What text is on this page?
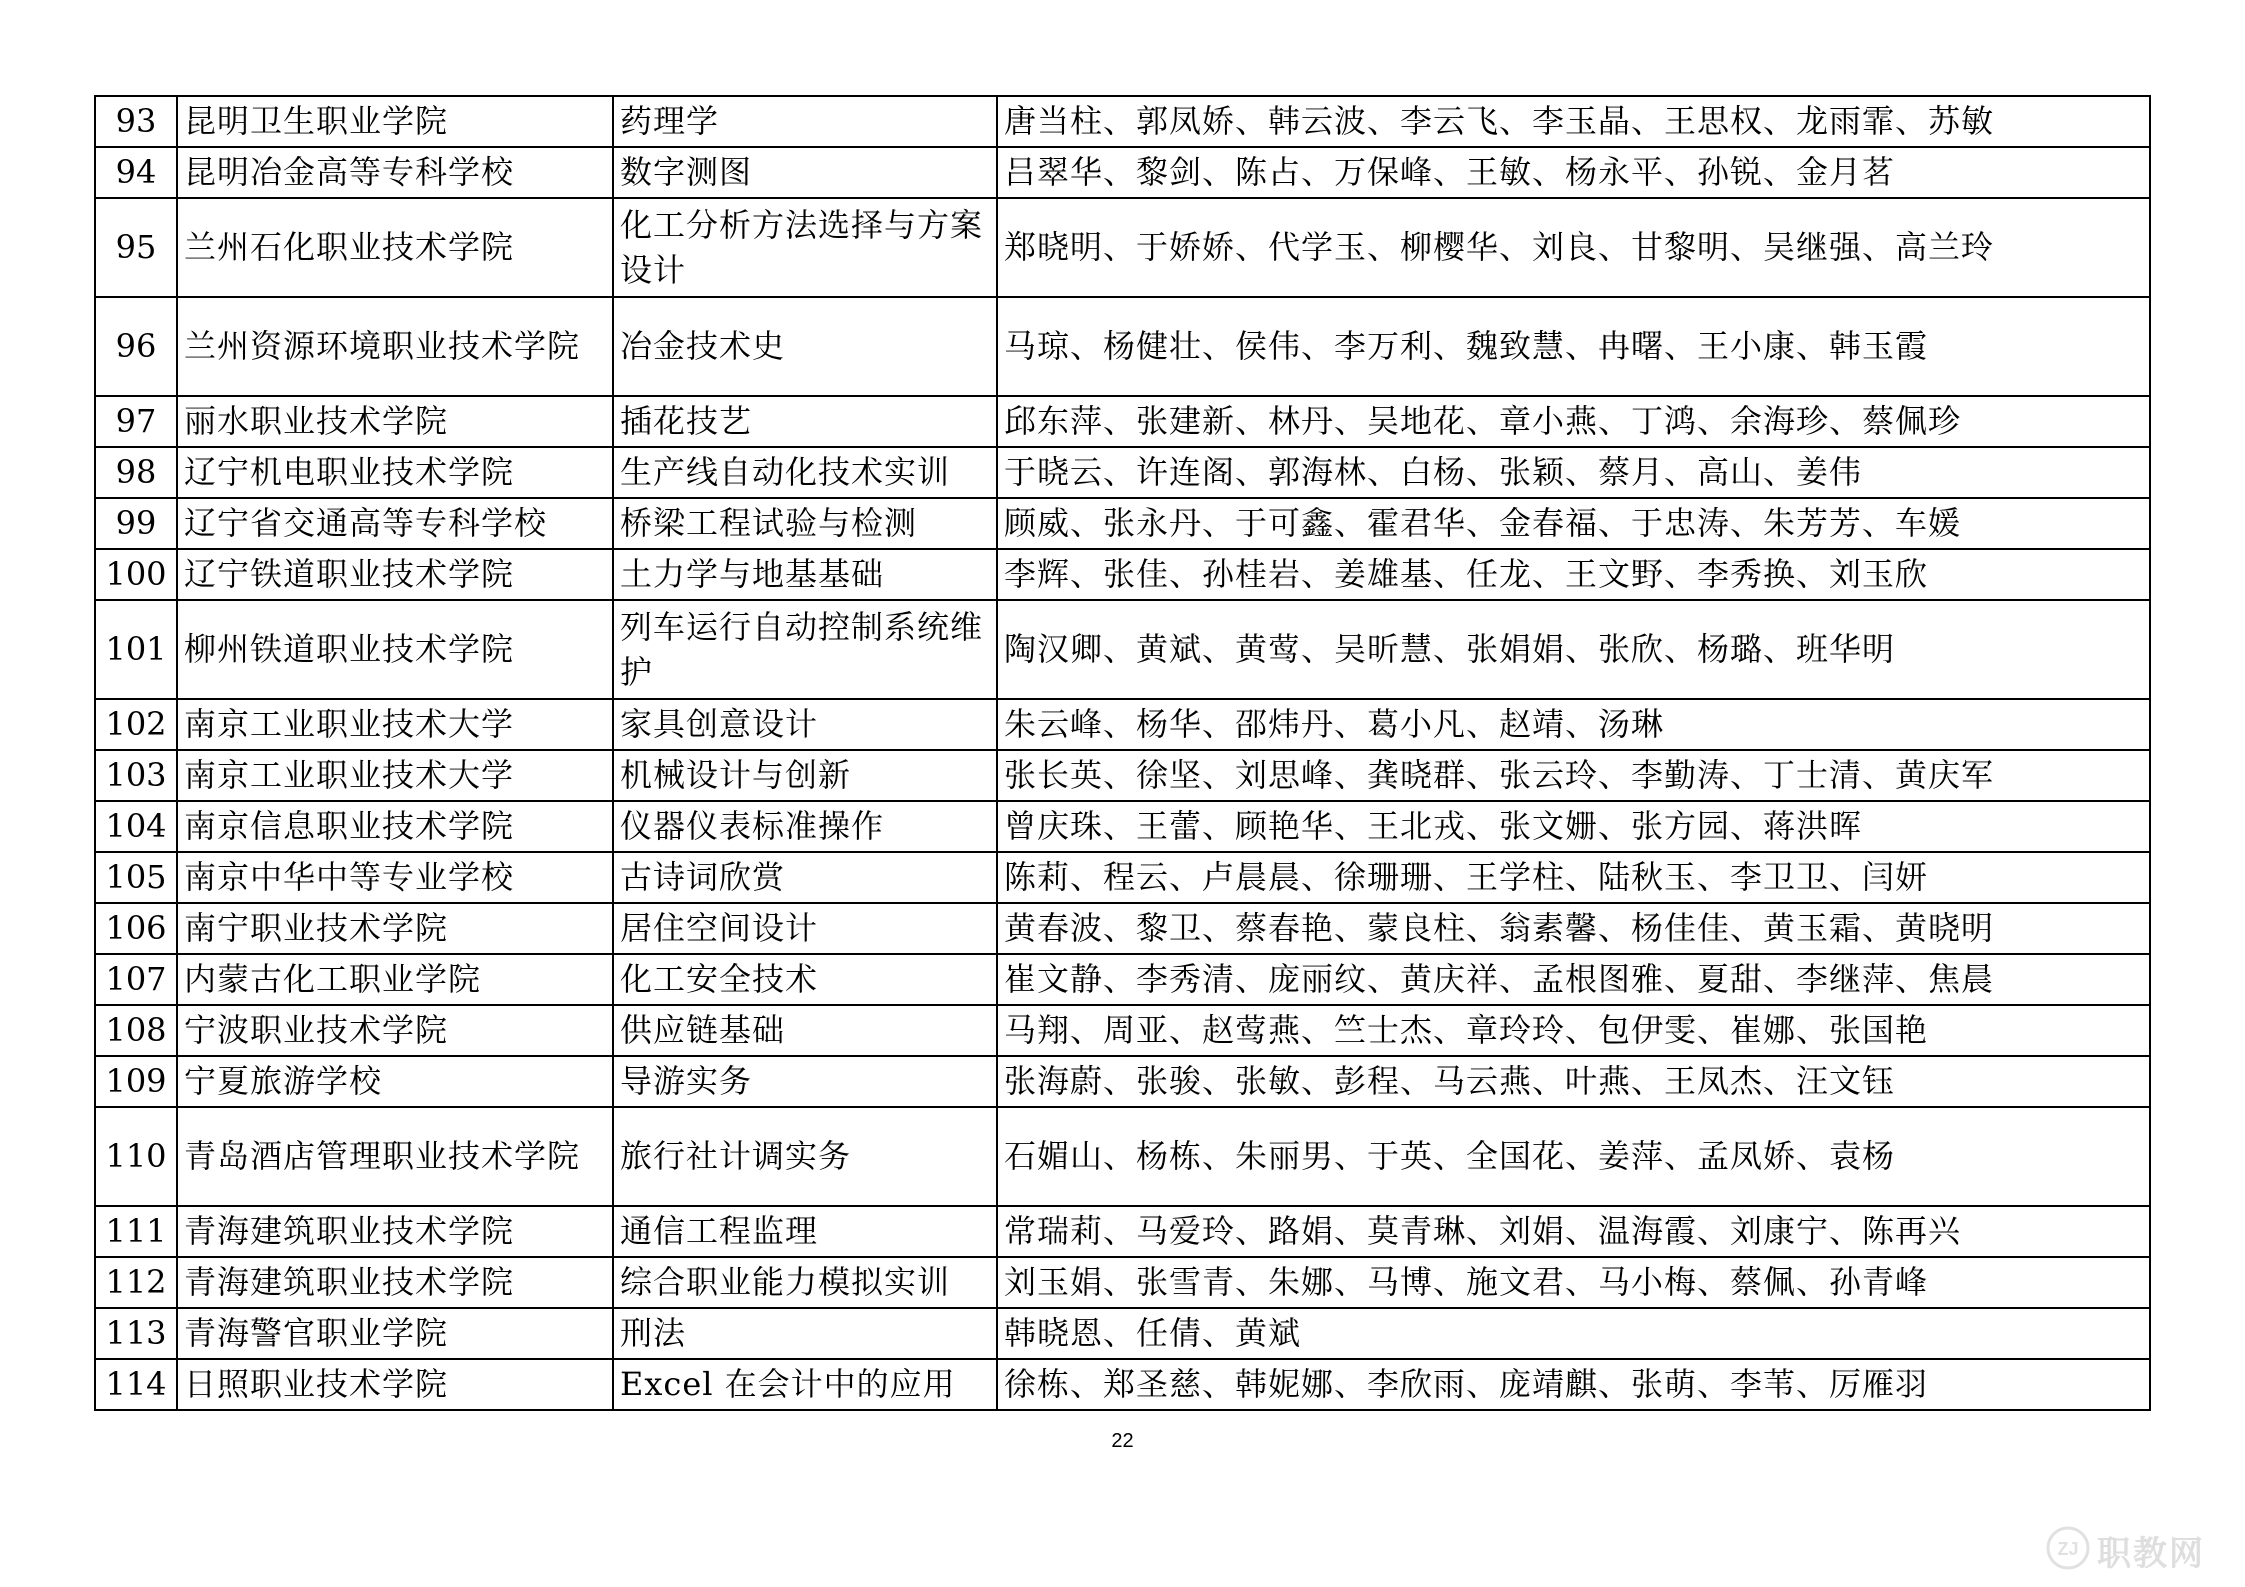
93	昆明卫生职业学院	药理学	唐当柱、郭凤娇、韩云波、李云飞、李玉晶、王思权、龙雨霏、苏敏
94	昆明冶金高等专科学校	数字测图	吕翠华、黎剑、陈占、万保峰、王敏、杨永平、孙锐、金月茗
95	兰州石化职业技术学院	化工分析方法选择与方案设计	郑晓明、于娇娇、代学玉、柳樱华、刘良、甘黎明、吴继强、高兰玲
96	兰州资源环境职业技术学院	冶金技术史	马琼、杨健壮、侯伟、李万利、魏致慧、冉曙、王小康、韩玉霞
97	丽水职业技术学院	插花技艺	邱东萍、张建新、林丹、吴地花、章小燕、丁鸿、余海珍、蔡佩珍
98	辽宁机电职业技术学院	生产线自动化技术实训	于晓云、许连阁、郭海林、白杨、张颖、蔡月、高山、姜伟
99	辽宁省交通高等专科学校	桥梁工程试验与检测	顾威、张永丹、于可鑫、霍君华、金春福、于忠涛、朱芳芳、车媛
100	辽宁铁道职业技术学院	土力学与地基基础	李辉、张佳、孙桂岩、姜雄基、任龙、王文野、李秀换、刘玉欣
101	柳州铁道职业技术学院	列车运行自动控制系统维护	陶汉卿、黄斌、黄莺、吴昕慧、张娟娟、张欣、杨璐、班华明
102	南京工业职业技术大学	家具创意设计	朱云峰、杨华、邵炜丹、葛小凡、赵靖、汤琳
103	南京工业职业技术大学	机械设计与创新	张长英、徐坚、刘思峰、龚晓群、张云玲、李勤涛、丁士清、黄庆军
104	南京信息职业技术学院	仪器仪表标准操作	曾庆珠、王蕾、顾艳华、王北戎、张文姗、张方园、蒋洪晖
105	南京中华中等专业学校	古诗词欣赏	陈莉、程云、卢晨晨、徐珊珊、王学柱、陆秋玉、李卫卫、闫妍
106	南宁职业技术学院	居住空间设计	黄春波、黎卫、蔡春艳、蒙良柱、翁素馨、杨佳佳、黄玉霜、黄晓明
107	内蒙古化工职业学院	化工安全技术	崔文静、李秀清、庞丽纹、黄庆祥、孟根图雅、夏甜、李继萍、焦晨
108	宁波职业技术学院	供应链基础	马翔、周亚、赵莺燕、竺士杰、章玲玲、包伊雯、崔娜、张国艳
109	宁夏旅游学校	导游实务	张海蔚、张骏、张敏、彭程、马云燕、叶燕、王凤杰、汪文钰
110	青岛酒店管理职业技术学院	旅行社计调实务	石媚山、杨栋、朱丽男、于英、全国花、姜萍、孟凤娇、袁杨
111	青海建筑职业技术学院	通信工程监理	常瑞莉、马爱玲、路娟、莫青琳、刘娟、温海霞、刘康宁、陈再兴
112	青海建筑职业技术学院	综合职业能力模拟实训	刘玉娟、张雪青、朱娜、马博、施文君、马小梅、蔡佩、孙青峰
113	青海警官职业学院	刑法	韩晓恩、任倩、黄斌
114	日照职业技术学院	Excel 在会计中的应用	徐栋、郑圣慈、韩妮娜、李欣雨、庞靖麒、张萌、李苇、厉雁羽
22
ZJ 职教网
